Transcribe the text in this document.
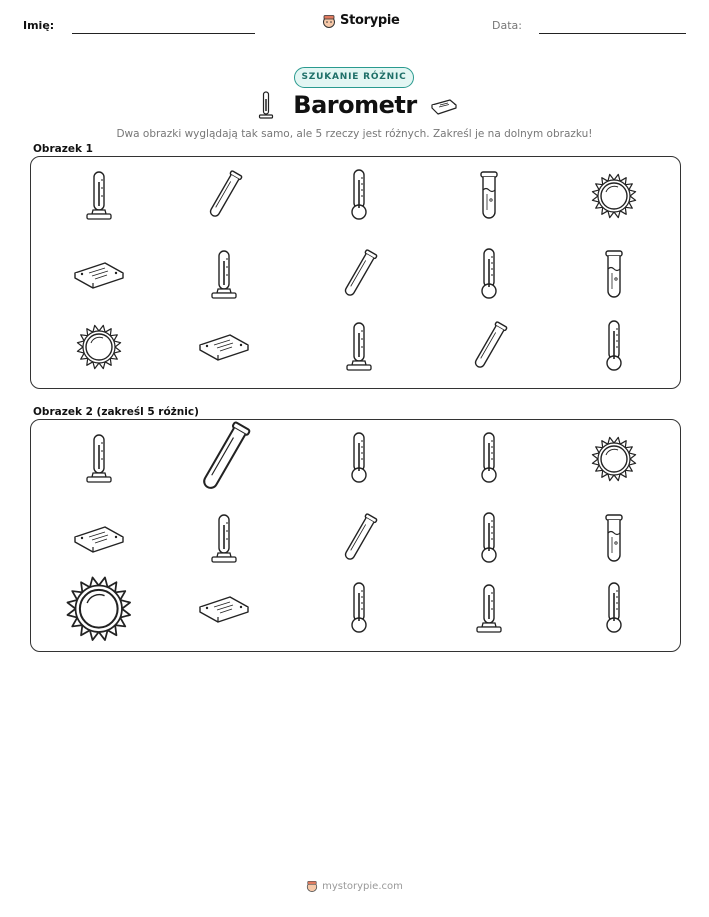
Imię:	Storypie	Data:
SZUKANIE RÓŻNIC
Barometr
Dwa obrazki wyglądają tak samo, ale 5 rzeczy jest różnych. Zakreśl je na dolnym obrazku!
Obrazek 1
Obrazek 2 (zakreśl 5 różnic)
mystorypie.com
